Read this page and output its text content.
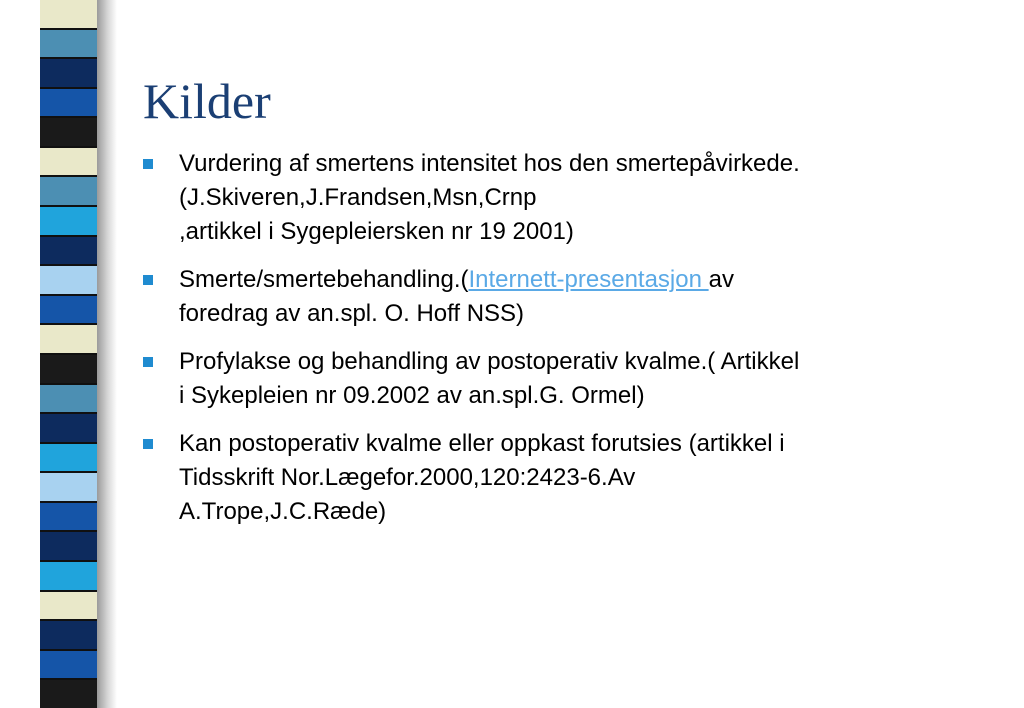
Kilder
Vurdering af smertens intensitet hos den smertepåvirkede.
(J.Skiveren,J.Frandsen,Msn,Crnp
,artikkel i Sygepleiersken nr 19 2001)
Smerte/smertebehandling.(Internett-presentasjon av
foredrag av an.spl. O. Hoff NSS)
Profylakse og behandling av postoperativ kvalme.( Artikkel
i Sykepleien nr 09.2002 av an.spl.G. Ormel)
Kan postoperativ kvalme eller oppkast forutsies (artikkel i
Tidsskrift Nor.Lægefor.2000,120:2423-6.Av
A.Trope,J.C.Ræde)
